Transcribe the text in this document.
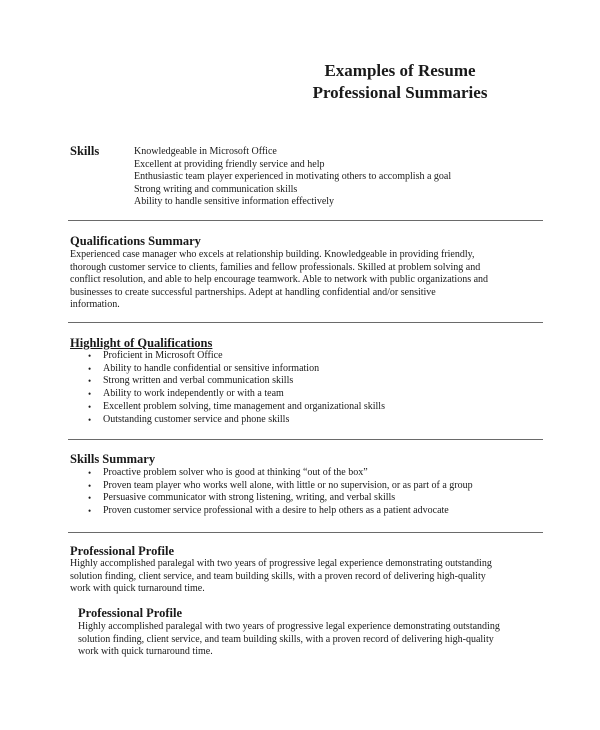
Examples of Resume
Professional Summaries
Skills	Knowledgeable in Microsoft Office
Excellent at providing friendly service and help
Enthusiastic team player experienced in motivating others to accomplish a goal
Strong writing and communication skills
Ability to handle sensitive information effectively
Qualifications Summary
Experienced case manager who excels at relationship building. Knowledgeable in providing friendly,
thorough customer service to clients, families and fellow professionals. Skilled at problem solving and
conflict resolution, and able to help encourage teamwork. Able to network with public organizations and
businesses to create successful partnerships. Adept at handling confidential and/or sensitive
information.
Highlight of Qualifications
• Proficient in Microsoft Office
• Ability to handle confidential or sensitive information
• Strong written and verbal communication skills
• Ability to work independently or with a team
• Excellent problem solving, time management and organizational skills
• Outstanding customer service and phone skills
Skills Summary
• Proactive problem solver who is good at thinking “out of the box”
• Proven team player who works well alone, with little or no supervision, or as part of a group
• Persuasive communicator with strong listening, writing, and verbal skills
• Proven customer service professional with a desire to help others as a patient advocate
Professional Profile
Highly accomplished paralegal with two years of progressive legal experience demonstrating outstanding
solution finding, client service, and team building skills, with a proven record of delivering high-quality
work with quick turnaround time.
Professional Profile
Highly accomplished paralegal with two years of progressive legal experience demonstrating outstanding
solution finding, client service, and team building skills, with a proven record of delivering high-quality
work with quick turnaround time.
